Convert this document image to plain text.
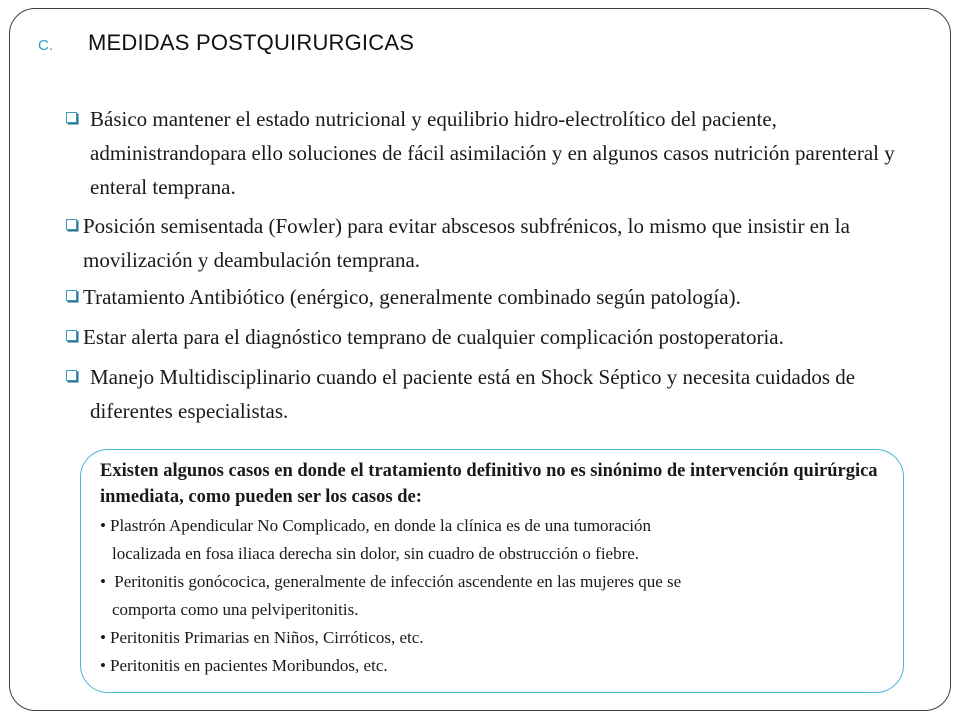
C.	MEDIDAS POSTQUIRURGICAS
Básico mantener el estado nutricional y equilibrio hidro-electrolítico del paciente, administrandopara ello soluciones de fácil asimilación y en algunos casos nutrición parenteral y enteral temprana.
Posición semisentada (Fowler) para evitar abscesos subfrénicos, lo mismo que insistir en la movilización y deambulación temprana.
Tratamiento Antibiótico (enérgico, generalmente combinado según patología).
Estar alerta para el diagnóstico temprano de cualquier complicación postoperatoria.
Manejo Multidisciplinario cuando el paciente está en Shock Séptico y necesita cuidados de diferentes especialistas.

Existen algunos casos en donde el tratamiento definitivo no es sinónimo de intervención quirúrgica inmediata, como pueden ser los casos de:

• Plastrón Apendicular No Complicado, en donde la clínica es de una tumoración
localizada en fosa iliaca derecha sin dolor, sin cuadro de obstrucción o fiebre.

• Peritonitis gonócocica, generalmente de infección ascendente en las mujeres que se
comporta como una pelviperitonitis.

• Peritonitis Primarias en Niños, Cirróticos, etc.

• Peritonitis en pacientes Moribundos, etc.
